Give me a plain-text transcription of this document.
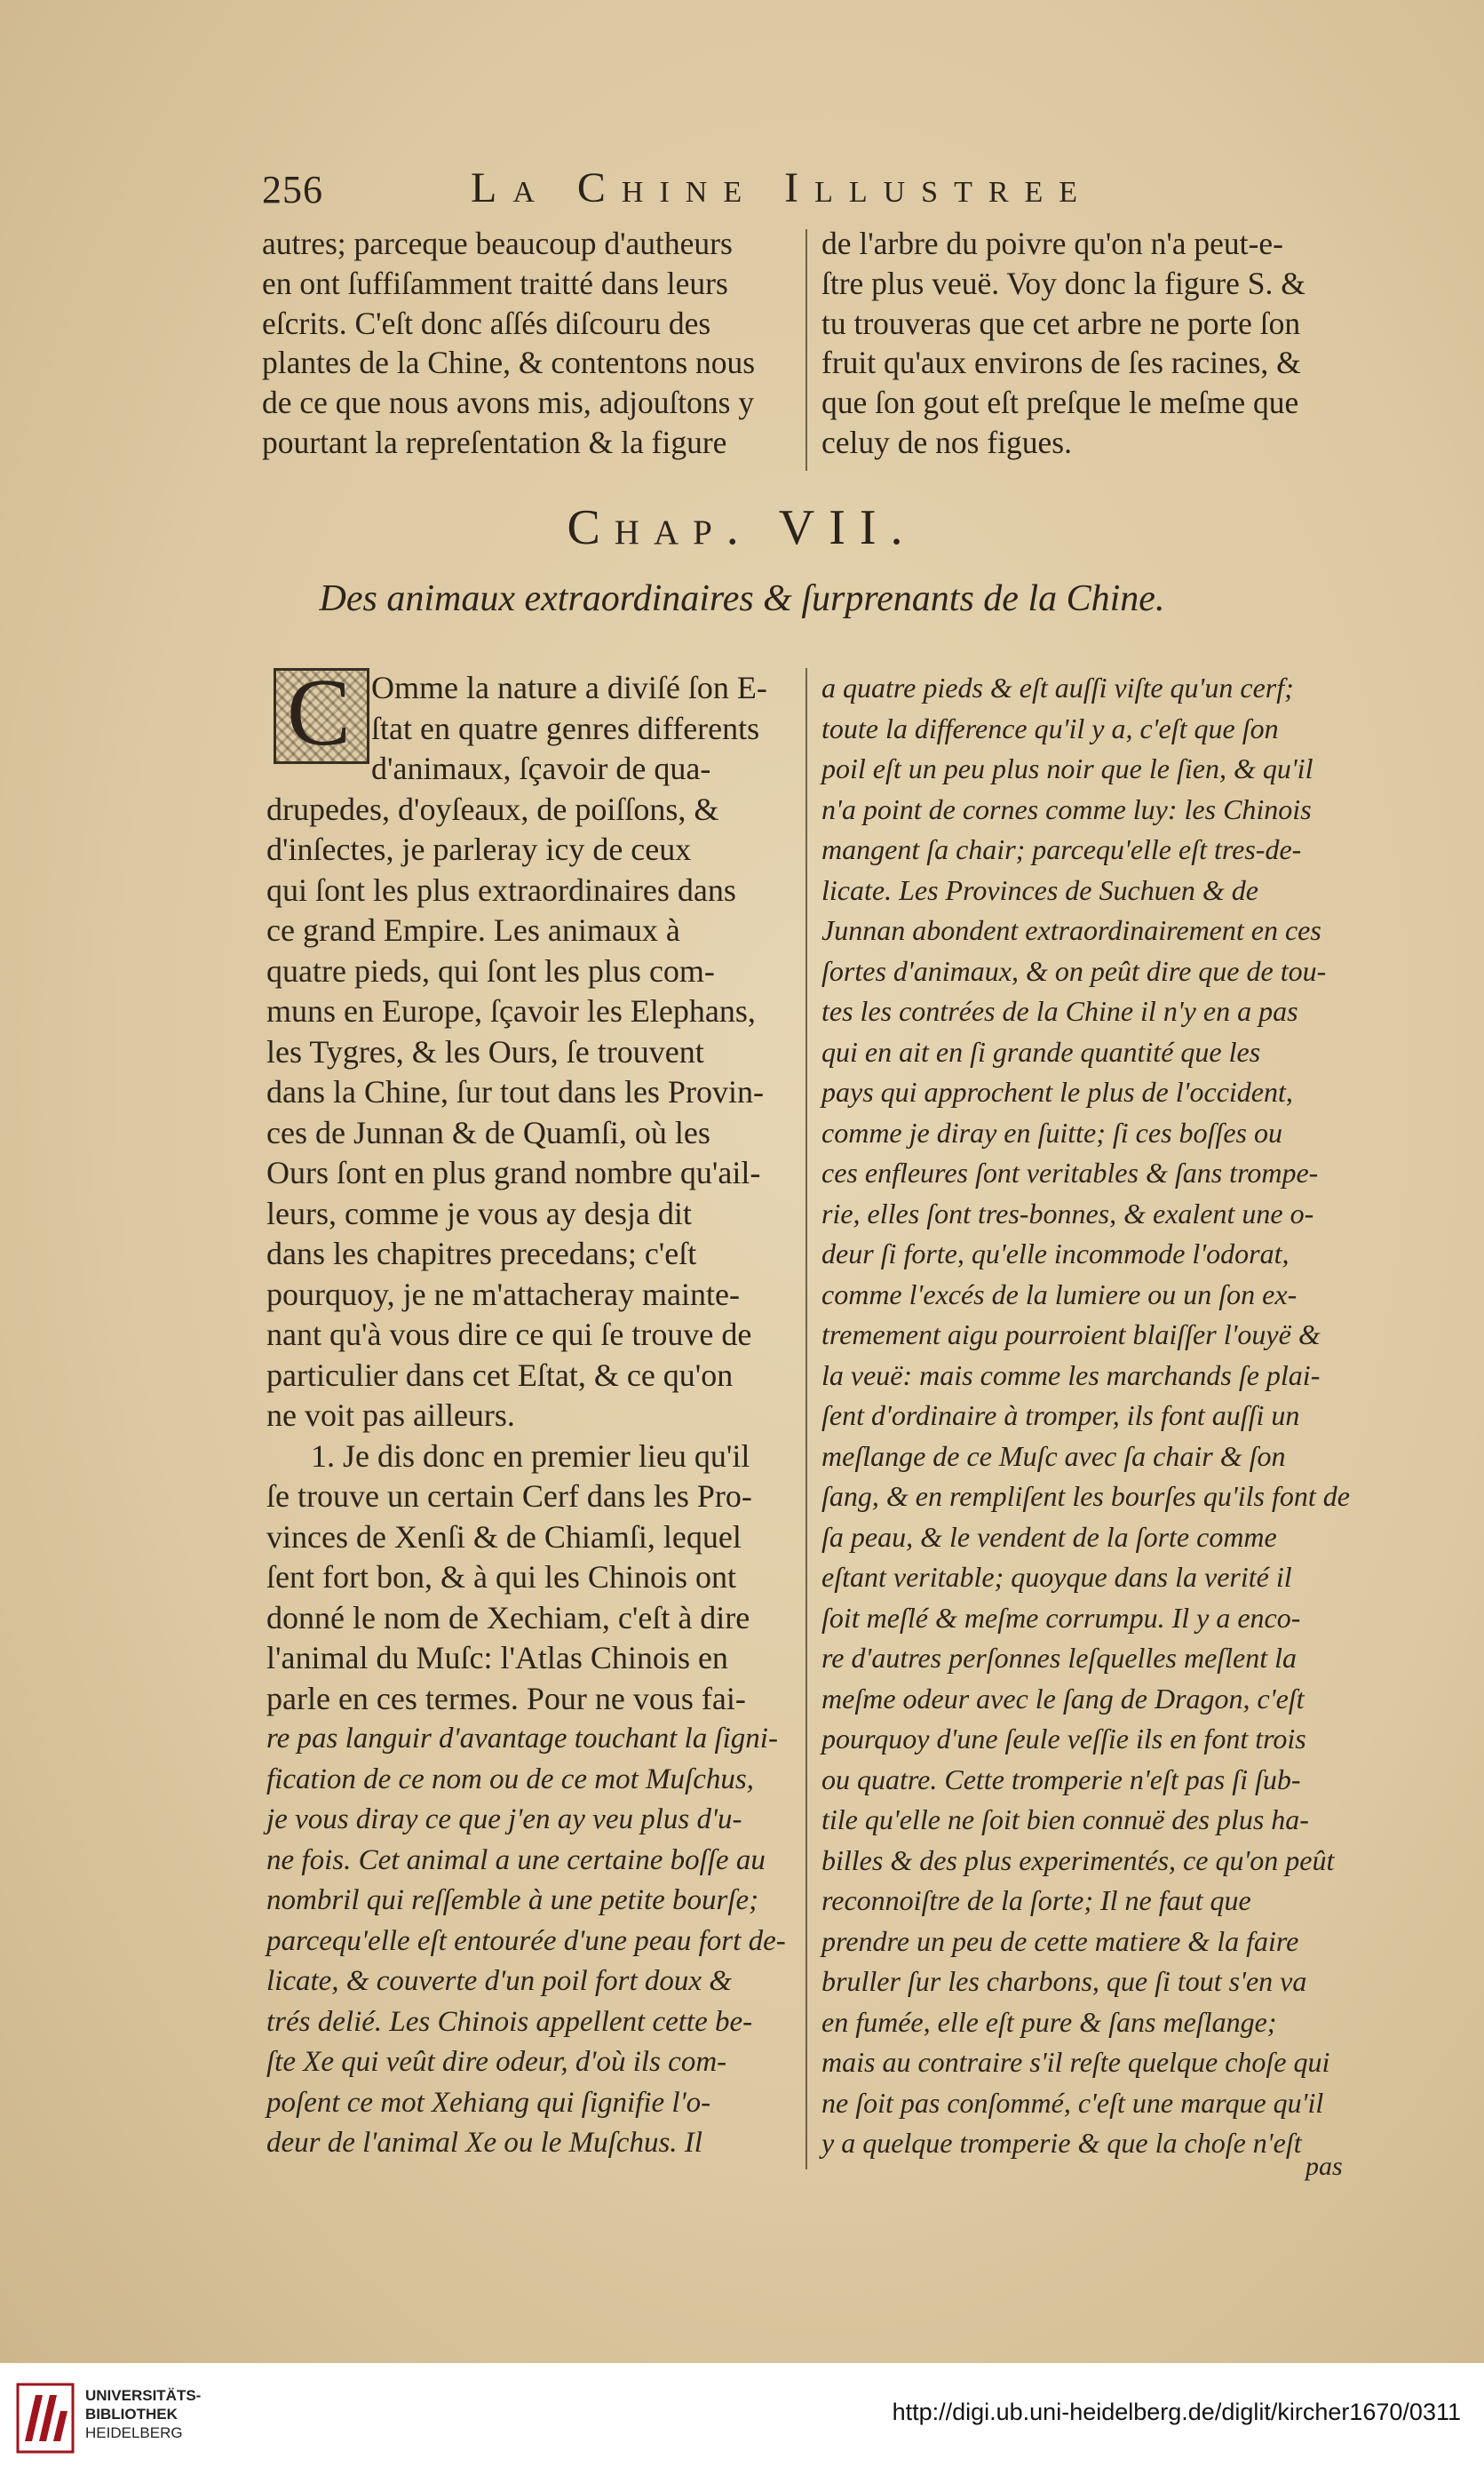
256	La Chine Illustree
autres; parceque beaucoup d'autheurs
en ont ſuffiſamment traitté dans leurs
eſcrits. C'eſt donc aſſés diſcouru des
plantes de la Chine, & contentons nous
de ce que nous avons mis, adjouſtons y
pourtant la repreſentation & la figure
de l'arbre du poivre qu'on n'a peut-e-
ſtre plus veuë. Voy donc la figure S. &
tu trouveras que cet arbre ne porte ſon
fruit qu'aux environs de ſes racines, &
que ſon gout eſt preſque le meſme que
celuy de nos figues.
Chap. VII.
Des animaux extraordinaires & ſurprenants de la Chine.
C Omme la nature a diviſé ſon E-
ſtat en quatre genres differents
d'animaux, ſçavoir de qua-
drupedes, d'oyſeaux, de poiſſons, &
d'inſectes, je parleray icy de ceux
qui ſont les plus extraordinaires dans
ce grand Empire. Les animaux à
quatre pieds, qui ſont les plus com-
muns en Europe, ſçavoir les Elephans,
les Tygres, & les Ours, ſe trouvent
dans la Chine, ſur tout dans les Provin-
ces de Junnan & de Quamſi, où les
Ours ſont en plus grand nombre qu'ail-
leurs, comme je vous ay desja dit
dans les chapitres precedans; c'eſt
pourquoy, je ne m'attacheray mainte-
nant qu'à vous dire ce qui ſe trouve de
particulier dans cet Eſtat, & ce qu'on
ne voit pas ailleurs.
1. Je dis donc en premier lieu qu'il
ſe trouve un certain Cerf dans les Pro-
vinces de Xenſi & de Chiamſi, lequel
ſent fort bon, & à qui les Chinois ont
donné le nom de Xechiam, c'eſt à dire
l'animal du Muſc: l'Atlas Chinois en
parle en ces termes. Pour ne vous fai-
re pas languir d'avantage touchant la ſigni-
fication de ce nom ou de ce mot Muſchus,
je vous diray ce que j'en ay veu plus d'u-
ne fois. Cet animal a une certaine boſſe au
nombril qui reſſemble à une petite bourſe;
parcequ'elle eſt entourée d'une peau fort de-
licate, & couverte d'un poil fort doux &
trés delié. Les Chinois appellent cette be-
ſte Xe qui veût dire odeur, d'où ils com-
poſent ce mot Xehiang qui ſignifie l'o-
deur de l'animal Xe ou le Muſchus. Il
a quatre pieds & eſt auſſi viſte qu'un cerf;
toute la difference qu'il y a, c'eſt que ſon
poil eſt un peu plus noir que le ſien, & qu'il
n'a point de cornes comme luy: les Chinois
mangent ſa chair; parcequ'elle eſt tres-de-
licate. Les Provinces de Suchuen & de
Junnan abondent extraordinairement en ces
ſortes d'animaux, & on peût dire que de tou-
tes les contrées de la Chine il n'y en a pas
qui en ait en ſi grande quantité que les
pays qui approchent le plus de l'occident,
comme je diray en ſuitte; ſi ces boſſes ou
ces enfleures ſont veritables & ſans trompe-
rie, elles ſont tres-bonnes, & exalent une o-
deur ſi forte, qu'elle incommode l'odorat,
comme l'excés de la lumiere ou un ſon ex-
tremement aigu pourroient blaiſſer l'ouyë &
la veuë: mais comme les marchands ſe plai-
ſent d'ordinaire à tromper, ils font auſſi un
meſlange de ce Muſc avec ſa chair & ſon
ſang, & en rempliſent les bourſes qu'ils font de
ſa peau, & le vendent de la ſorte comme
eſtant veritable; quoyque dans la verité il
ſoit meſlé & meſme corrumpu. Il y a enco-
re d'autres perſonnes leſquelles meſlent la
meſme odeur avec le ſang de Dragon, c'eſt
pourquoy d'une ſeule veſſie ils en font trois
ou quatre. Cette tromperie n'eſt pas ſi ſub-
tile qu'elle ne ſoit bien connuë des plus ha-
billes & des plus experimentés, ce qu'on peût
reconnoiſtre de la ſorte; Il ne faut que
prendre un peu de cette matiere & la faire
bruller ſur les charbons, que ſi tout s'en va
en fumée, elle eſt pure & ſans meſlange;
mais au contraire s'il reſte quelque choſe qui
ne ſoit pas conſommé, c'eſt une marque qu'il
y a quelque tromperie & que la choſe n'eſt
pas
UNIVERSITÄTS-
BIBLIOTHEK
HEIDELBERG
http://digi.ub.uni-heidelberg.de/diglit/kircher1670/0311
